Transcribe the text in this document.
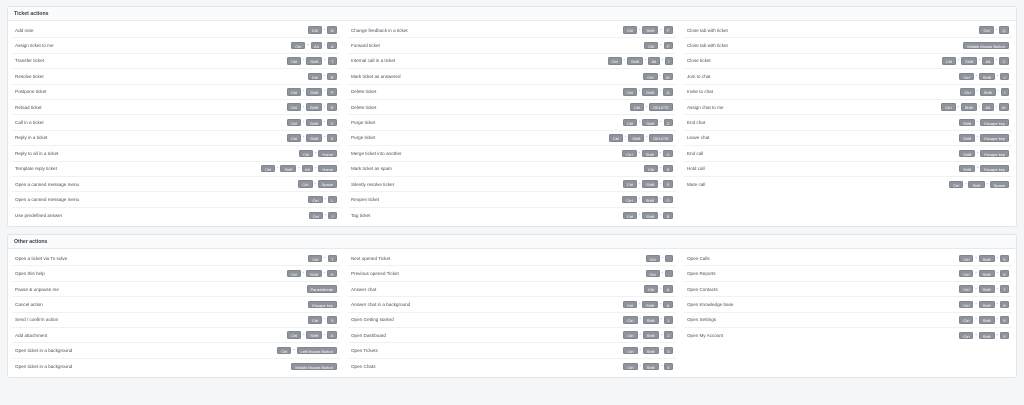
Ticket actions
Add note	Ctrl	+	N
Assign ticket to me	Ctrl	+	Alt	+	A
Transfer ticket	Ctrl	+	Shift	+	T
Resolve ticket	Ctrl	+	R
Postpone ticket	Ctrl	+	Shift	+	P
Reload ticket	Ctrl	+	Shift	+	R
Call in a ticket	Ctrl	+	Shift	+	C
Reply in a ticket	Ctrl	+	Shift	+	E
Reply to all in a ticket	Ctrl	+	Home
Template reply ticket	Ctrl	+	Shift	+	Alt	+	Home
Open a canned message menu	Ctrl	+	Space
Open a canned message menu	Ctrl	+	L
Use predefined answer	Ctrl	+	J
Change feedback in a ticket	Ctrl	+	Shift	+	F
Forward ticket	Ctrl	+	F
Internal call in a ticket	Ctrl	+	Shift	+	Alt	+	I
Mark ticket as answered	Ctrl	+	M
Delete ticket	Ctrl	+	Shift	+	D
Delete ticket	Ctrl	+	DELETE
Purge ticket	Ctrl	+	Shift	+	Z
Purge ticket	Ctrl	+	Shift	+	DELETE
Merge ticket into another	Ctrl	+	Shift	+	G
Mark ticket as spam	Ctrl	+	S
Silently resolve ticket	Ctrl	+	Shift	+	S
Reopen ticket	Ctrl	+	Shift	+	O
Tag ticket	Ctrl	+	Shift	+	B
Close tab with ticket	Ctrl	+	Q
Close tab with ticket	Middle Mouse Button
Close ticket	Ctrl	+	Shift	+	Alt	+	C
Join to chat	Ctrl	+	Shift	+	J
Invite to chat	Ctrl	+	Shift	+	I
Assign chat to me	Ctrl	+	Shift	+	Alt	+	M
End chat	Shift	+	Escape key
Leave chat	Shift	+	Escape key
End call	Shift	+	Escape key
Hold call	Shift	+	Escape key
Mute call	Ctrl	+	Shift	+	Space
Other actions
Open a ticket via To solve	Ctrl	+	T
Open this help	Ctrl	+	Shift	+	H
Pause & unpause me	Pause/break
Cancel action	Escape key
Send / confirm action	Ctrl	+	S
Add attachment	Ctrl	+	Shift	+	A
Open ticket in a background	Ctrl	+	Left Mouse Button
Open ticket in a background	Middle Mouse Button
Next opened Ticket	Ctrl	+	.
Previous opened Ticket	Ctrl	+	,
Answer chat	Ctrl	+	A
Answer chat in a background	Ctrl	+	Shift	+	A
Open Getting started	Ctrl	+	Shift	+	1
Open Dashboard	Ctrl	+	Shift	+	2
Open Tickets	Ctrl	+	Shift	+	3
Open Chats	Ctrl	+	Shift	+	4
Open Calls	Ctrl	+	Shift	+	5
Open Reports	Ctrl	+	Shift	+	6
Open Contacts	Ctrl	+	Shift	+	7
Open Knowledge base	Ctrl	+	Shift	+	8
Open Settings	Ctrl	+	Shift	+	9
Open My Account	Ctrl	+	Shift	+	0
